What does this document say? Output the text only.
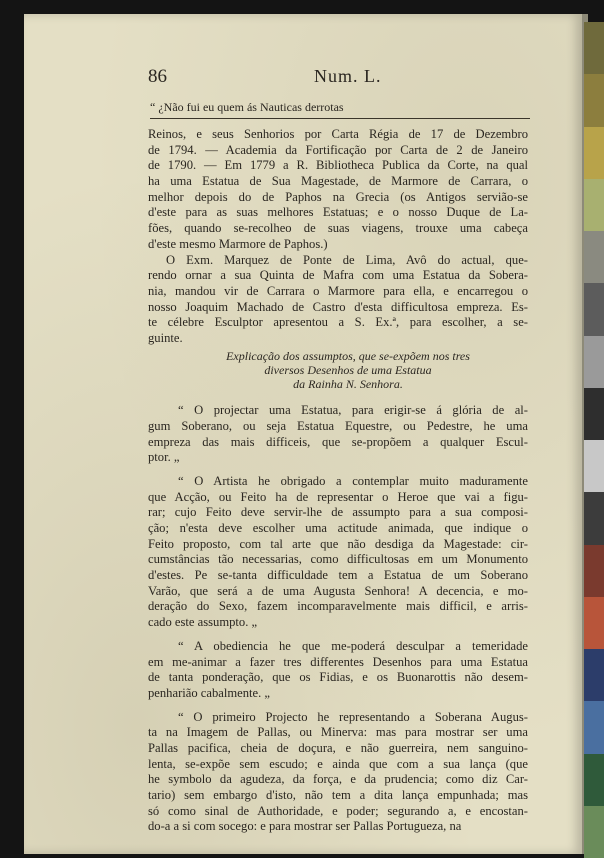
86	Num. L.
“ ¿Não fui eu quem ás Nauticas derrotas
Reinos, e seus Senhorios por Carta Régia de 17 de Dezembro
de 1794. — Academia da Fortificação por Carta de 2 de Janeiro
de 1790. — Em 1779 a R. Bibliotheca Publica da Corte, na qual
ha uma Estatua de Sua Magestade, de Marmore de Carrara, o
melhor depois do de Paphos na Grecia (os Antigos servião-se
d'este para as suas melhores Estatuas; e o nosso Duque de La-
fões, quando se-recolheo de suas viagens, trouxe uma cabeça
d'este mesmo Marmore de Paphos.)
O Exm. Marquez de Ponte de Lima, Avô do actual, que-
rendo ornar a sua Quinta de Mafra com uma Estatua da Sobera-
nia, mandou vir de Carrara o Marmore para ella, e encarregou o
nosso Joaquim Machado de Castro d'esta difficultosa empreza. Es-
te célebre Esculptor apresentou a S. Ex.ª, para escolher, a se-
guinte.
Explicação dos assumptos, que se-expõem nos tres
diversos Desenhos de uma Estatua
da Rainha N. Senhora.
“ O projectar uma Estatua, para erigir-se á glória de al-
gum Soberano, ou seja Estatua Equestre, ou Pedestre, he uma
empreza das mais difficeis, que se-propõem a qualquer Escul-
ptor. „
“ O Artista he obrigado a contemplar muito maduramente
que Acção, ou Feito ha de representar o Heroe que vai a figu-
rar; cujo Feito deve servir-lhe de assumpto para a sua composi-
ção; n'esta deve escolher uma actitude animada, que indique o
Feito proposto, com tal arte que não desdiga da Magestade: cir-
cumstâncias tão necessarias, como difficultosas em um Monumento
d'estes. Pe se-tanta difficuldade tem a Estatua de um Soberano
Varão, que será a de uma Augusta Senhora! A decencia, e mo-
deração do Sexo, fazem incomparavelmente mais difficil, e arris-
cado este assumpto. „
“ A obediencia he que me-poderá desculpar a temeridade
em me-animar a fazer tres differentes Desenhos para uma Estatua
de tanta ponderação, que os Fidias, e os Buonarottis não desem-
penharião cabalmente. „
“ O primeiro Projecto he representando a Soberana Augus-
ta na Imagem de Pallas, ou Minerva: mas para mostrar ser uma
Pallas pacifica, cheia de doçura, e não guerreira, nem sanguino-
lenta, se-expõe sem escudo; e ainda que com a sua lança (que
he symbolo da agudeza, da força, e da prudencia; como diz Car-
tario) sem embargo d'isto, não tem a dita lança empunhada; mas
só como sinal de Authoridade, e poder; segurando a, e encostan-
do-a a si com socego: e para mostrar ser Pallas Portugueza, na
